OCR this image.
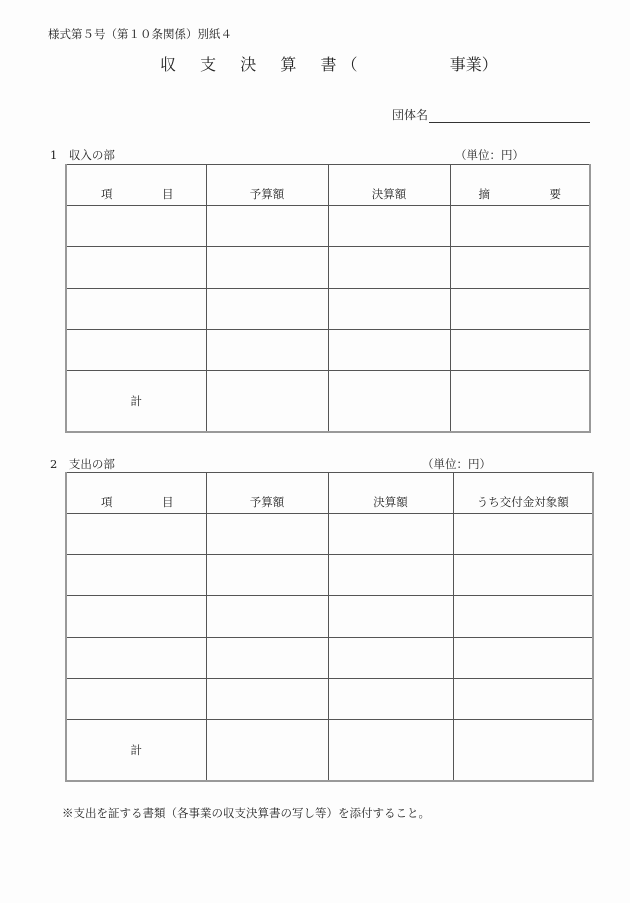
様式第５号（第１０条関係）別紙４
収 支 決 算 書 （	事業）
団体名
1　収入の部	（単位：円）
項 目	予算額	決算額	摘 要

計			
2　支出の部	（単位：円）
項 目	予算額	決算額	うち交付金対象額

計			
※支出を証する書類（各事業の収支決算書の写し等）を添付すること。
